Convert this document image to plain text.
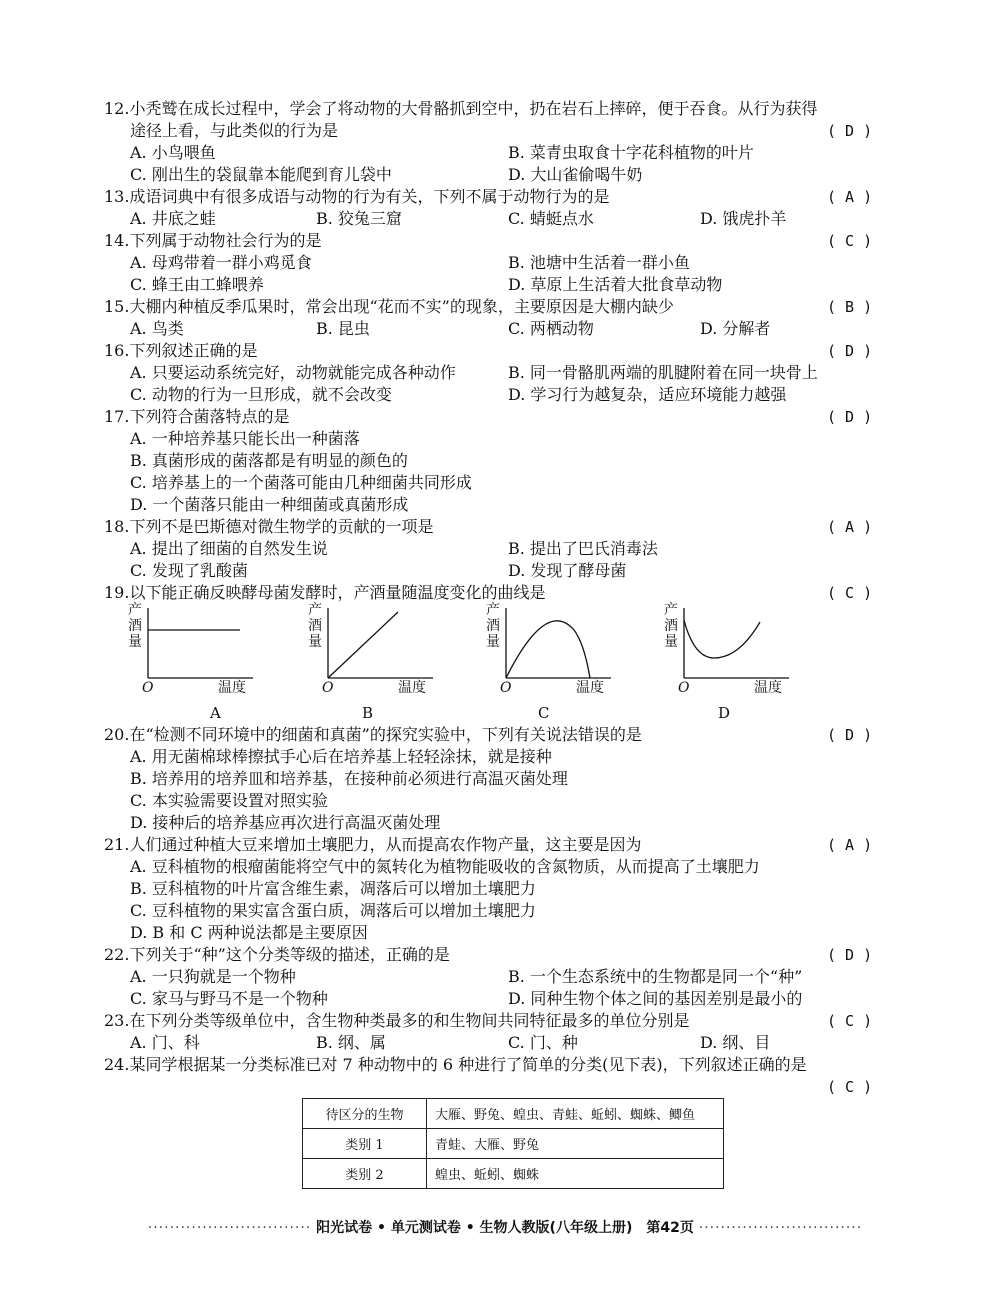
12.小秃鹫在成长过程中，学会了将动物的大骨骼抓到空中，扔在岩石上摔碎，便于吞食。从行为获得
途径上看，与此类似的行为是	( D )
A. 小鸟喂鱼	B. 菜青虫取食十字花科植物的叶片
C. 刚出生的袋鼠靠本能爬到育儿袋中	D. 大山雀偷喝牛奶
13.成语词典中有很多成语与动物的行为有关，下列不属于动物行为的是	( A )
A. 井底之蛙	B. 狡兔三窟	C. 蜻蜓点水	D. 饿虎扑羊
14.下列属于动物社会行为的是	( C )
A. 母鸡带着一群小鸡觅食	B. 池塘中生活着一群小鱼
C. 蜂王由工蜂喂养	D. 草原上生活着大批食草动物
15.大棚内种植反季瓜果时，常会出现“花而不实”的现象，主要原因是大棚内缺少	( B )
A. 鸟类	B. 昆虫	C. 两栖动物	D. 分解者
16.下列叙述正确的是	( D )
A. 只要运动系统完好，动物就能完成各种动作	B. 同一骨骼肌两端的肌腱附着在同一块骨上
C. 动物的行为一旦形成，就不会改变	D. 学习行为越复杂，适应环境能力越强
17.下列符合菌落特点的是	( D )
A. 一种培养基只能长出一种菌落
B. 真菌形成的菌落都是有明显的颜色的
C. 培养基上的一个菌落可能由几种细菌共同形成
D. 一个菌落只能由一种细菌或真菌形成
18.下列不是巴斯德对微生物学的贡献的一项是	( A )
A. 提出了细菌的自然发生说	B. 提出了巴氏消毒法
C. 发现了乳酸菌	D. 发现了酵母菌
19.以下能正确反映酵母菌发酵时，产酒量随温度变化的曲线是	( C )
产
酒
量
产
酒
量
产
酒
量
产
酒
量
O	O	O	O
温度	温度	温度	温度
A	B	C	D
20.在“检测不同环境中的细菌和真菌”的探究实验中，下列有关说法错误的是	( D )
A. 用无菌棉球棒擦拭手心后在培养基上轻轻涂抹，就是接种
B. 培养用的培养皿和培养基，在接种前必须进行高温灭菌处理
C. 本实验需要设置对照实验
D. 接种后的培养基应再次进行高温灭菌处理
21.人们通过种植大豆来增加土壤肥力，从而提高农作物产量，这主要是因为	( A )
A. 豆科植物的根瘤菌能将空气中的氮转化为植物能吸收的含氮物质，从而提高了土壤肥力
B. 豆科植物的叶片富含维生素，凋落后可以增加土壤肥力
C. 豆科植物的果实富含蛋白质，凋落后可以增加土壤肥力
D. B 和 C 两种说法都是主要原因
22.下列关于“种”这个分类等级的描述，正确的是	( D )
A. 一只狗就是一个物种	B. 一个生态系统中的生物都是同一个“种”
C. 家马与野马不是一个物种	D. 同种生物个体之间的基因差别是最小的
23.在下列分类等级单位中，含生物种类最多的和生物间共同特征最多的单位分别是	( C )
A. 门、科	B. 纲、属	C. 门、种	D. 纲、目
24.某同学根据某一分类标准已对 7 种动物中的 6 种进行了简单的分类(见下表)，下列叙述正确的是
( C )
待区分的生物	大雁、野兔、蝗虫、青蛙、蚯蚓、蜘蛛、鲫鱼
类别 1	青蛙、大雁、野兔
类别 2	蝗虫、蚯蚓、蜘蛛
······························ 阳光试卷 • 单元测试卷 • 生物人教版(八年级上册)　第42页 ······························
